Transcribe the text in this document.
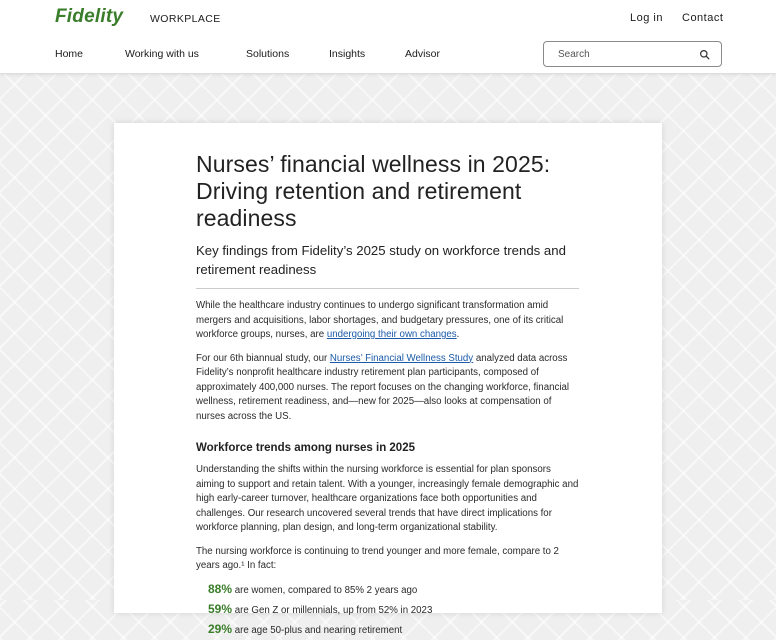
Fidelity	WORKPLACE	Log in Contact
Home	Working with us	Solutions	Insights	Advisor
Search
Nurses’ financial wellness in 2025: Driving retention and retirement readiness
Key findings from Fidelity’s 2025 study on workforce trends and retirement readiness

While the healthcare industry continues to undergo significant transformation amid mergers and acquisitions, labor shortages, and budgetary pressures, one of its critical workforce groups, nurses, are undergoing their own changes.

For our 6th biannual study, our Nurses’ Financial Wellness Study analyzed data across Fidelity’s nonprofit healthcare industry retirement plan participants, composed of approximately 400,000 nurses. The report focuses on the changing workforce, financial wellness, retirement readiness, and—new for 2025—also looks at compensation of nurses across the US.

Workforce trends among nurses in 2025

Understanding the shifts within the nursing workforce is essential for plan sponsors aiming to support and retain talent. With a younger, increasingly female demographic and high early-career turnover, healthcare organizations face both opportunities and challenges. Our research uncovered several trends that have direct implications for workforce planning, plan design, and long-term organizational stability.

The nursing workforce is continuing to trend younger and more female, compare to 2 years ago.¹ In fact:

88% are women, compared to 85% 2 years ago
59% are Gen Z or millennials, up from 52% in 2023
29% are age 50-plus and nearing retirement
